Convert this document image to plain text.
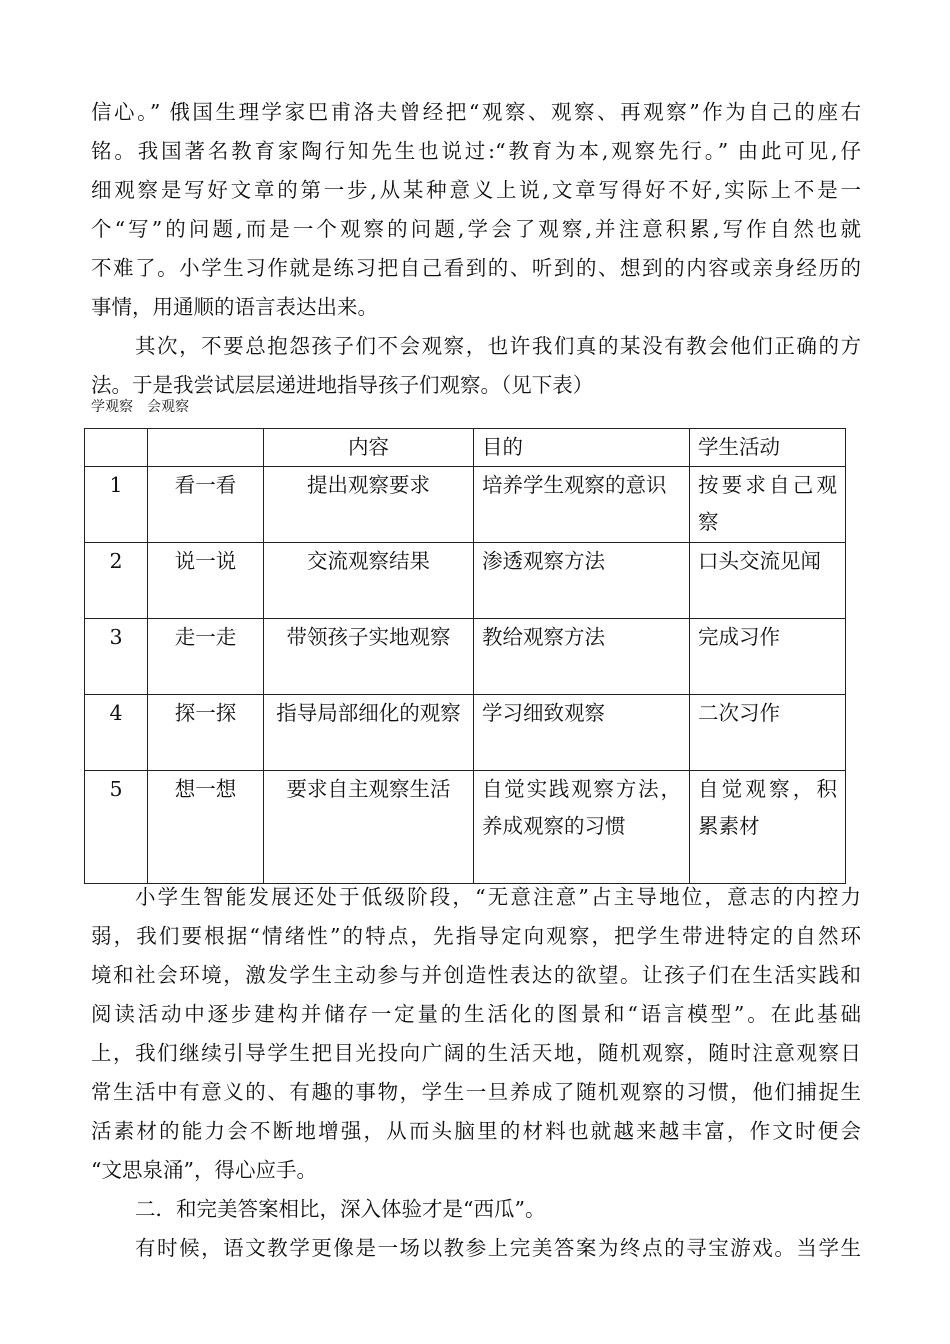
信心。” 俄国生理学家巴甫洛夫曾经把“观察、观察、再观察”作为自己的座右
铭。我国著名教育家陶行知先生也说过:“教育为本,观察先行。” 由此可见,仔
细观察是写好文章的第一步,从某种意义上说,文章写得好不好,实际上不是一
个“写”的问题,而是一个观察的问题,学会了观察,并注意积累,写作自然也就
不难了。小学生习作就是练习把自己看到的、听到的、想到的内容或亲身经历的
事情，用通顺的语言表达出来。
其次，不要总抱怨孩子们不会观察，也许我们真的某没有教会他们正确的方
法。于是我尝试层层递进地指导孩子们观察。（见下表）
学观察　会观察
		内容	目的	学生活动
1	看一看	提出观察要求	培养学生观察的意识	按要求自己观察
2	说一说	交流观察结果	渗透观察方法	口头交流见闻
3	走一走	带领孩子实地观察	教给观察方法	完成习作
4	探一探	指导局部细化的观察	学习细致观察	二次习作
5	想一想	要求自主观察生活	自觉实践观察方法，养成观察的习惯	自觉观察，积累素材
小学生智能发展还处于低级阶段，“无意注意”占主导地位，意志的内控力
弱，我们要根据“情绪性”的特点，先指导定向观察，把学生带进特定的自然环
境和社会环境，激发学生主动参与并创造性表达的欲望。让孩子们在生活实践和
阅读活动中逐步建构并储存一定量的生活化的图景和“语言模型”。在此基础
上，我们继续引导学生把目光投向广阔的生活天地，随机观察，随时注意观察日
常生活中有意义的、有趣的事物，学生一旦养成了随机观察的习惯，他们捕捉生
活素材的能力会不断地增强，从而头脑里的材料也就越来越丰富，作文时便会
“文思泉涌”，得心应手。
二．和完美答案相比，深入体验才是“西瓜”。
有时候，语文教学更像是一场以教参上完美答案为终点的寻宝游戏。当学生
